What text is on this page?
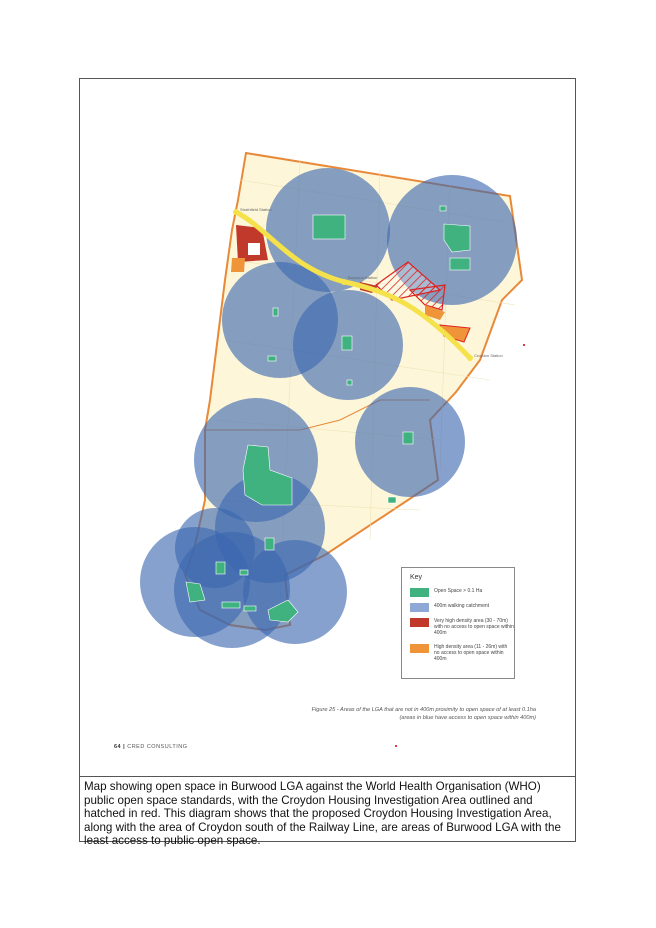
Strathfield Station
Burwood Station
Croydon Station
Key
Open Space > 0.1 Ha
400m walking catchment
Very high density area (30 - 70m) with no access to open space within 400m
High density area (11 - 26m) with no access to open space within 400m
Figure 25 - Areas of the LGA that are not in 400m proximity to open space of at least 0.1ha
(areas in blue have access to open space within 400m)
64 | CRED CONSULTING
Map showing open space in Burwood LGA against the World Health Organisation (WHO) public open space standards, with the Croydon Housing Investigation Area outlined and hatched in red. This diagram shows that the proposed Croydon Housing Investigation Area, along with the area of Croydon south of the Railway Line, are areas of Burwood LGA with the least access to public open space.
